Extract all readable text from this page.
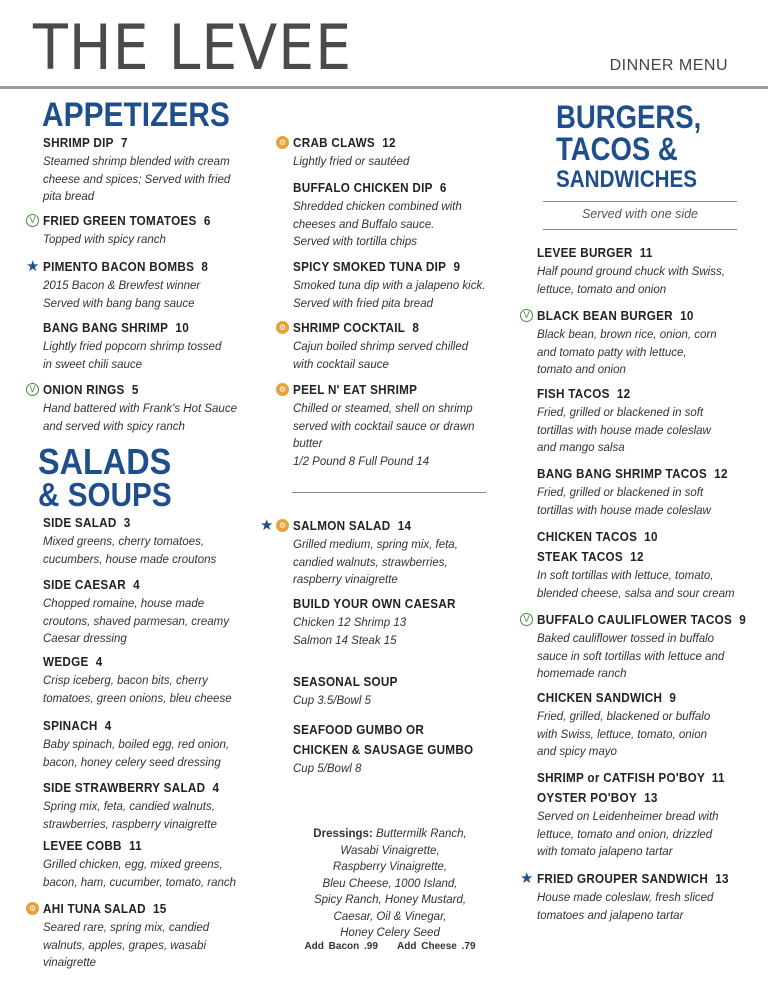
THE LEVEE	DINNER MENU
APPETIZERS
SALADS
& SOUPS
BURGERS,
TACOS &
SANDWICHES
Served with one side
SHRIMP DIP 7
Steamed shrimp blended with cream
cheese and spices; Served with fried
pita bread
V FRIED GREEN TOMATOES 6
Topped with spicy ranch
★ PIMENTO BACON BOMBS 8
2015 Bacon & Brewfest winner
Served with bang bang sauce
BANG BANG SHRIMP 10
Lightly fried popcorn shrimp tossed
in sweet chili sauce
V ONION RINGS 5
Hand battered with Frank's Hot Sauce
and served with spicy ranch
SIDE SALAD 3
Mixed greens, cherry tomatoes,
cucumbers, house made croutons
SIDE CAESAR 4
Chopped romaine, house made
croutons, shaved parmesan, creamy
Caesar dressing
WEDGE 4
Crisp iceberg, bacon bits, cherry
tomatoes, green onions, bleu cheese
SPINACH 4
Baby spinach, boiled egg, red onion,
bacon, honey celery seed dressing
SIDE STRAWBERRY SALAD 4
Spring mix, feta, candied walnuts,
strawberries, raspberry vinaigrette
LEVEE COBB 11
Grilled chicken, egg, mixed greens,
bacon, ham, cucumber, tomato, ranch
⚙ AHI TUNA SALAD 15
Seared rare, spring mix, candied
walnuts, apples, grapes, wasabi
vinaigrette
⚙ CRAB CLAWS 12
Lightly fried or sautéed
BUFFALO CHICKEN DIP 6
Shredded chicken combined with
cheeses and Buffalo sauce.
Served with tortilla chips
SPICY SMOKED TUNA DIP 9
Smoked tuna dip with a jalapeno kick.
Served with fried pita bread
⚙ SHRIMP COCKTAIL 8
Cajun boiled shrimp served chilled
with cocktail sauce
⚙ PEEL N' EAT SHRIMP
Chilled or steamed, shell on shrimp
served with cocktail sauce or drawn
butter
1/2 Pound 8 Full Pound 14
⚙
★ SALMON SALAD 14
Grilled medium, spring mix, feta,
candied walnuts, strawberries,
raspberry vinaigrette
BUILD YOUR OWN CAESAR
Chicken 12 Shrimp 13
Salmon 14 Steak 15
SEASONAL SOUP
Cup 3.5/Bowl 5
SEAFOOD GUMBO OR
CHICKEN & SAUSAGE GUMBO
Cup 5/Bowl 8
LEVEE BURGER 11
Half pound ground chuck with Swiss,
lettuce, tomato and onion
V BLACK BEAN BURGER 10
Black bean, brown rice, onion, corn
and tomato patty with lettuce,
tomato and onion
FISH TACOS 12
Fried, grilled or blackened in soft
tortillas with house made coleslaw
and mango salsa
BANG BANG SHRIMP TACOS 12
Fried, grilled or blackened in soft
tortillas with house made coleslaw
CHICKEN TACOS  10
STEAK TACOS 12
In soft tortillas with lettuce, tomato,
blended cheese, salsa and sour cream
V BUFFALO CAULIFLOWER TACOS 9
Baked cauliflower tossed in buffalo
sauce in soft tortillas with lettuce and
homemade ranch
CHICKEN SANDWICH 9
Fried, grilled, blackened or buffalo
with Swiss, lettuce, tomato, onion
and spicy mayo
SHRIMP or CATFISH PO'BOY  11
OYSTER PO'BOY 13
Served on Leidenheimer bread with
lettuce, tomato and onion, drizzled
with tomato jalapeno tartar
★ FRIED GROUPER SANDWICH 13
House made coleslaw, fresh sliced
tomatoes and jalapeno tartar
Dressings: Buttermilk Ranch,
Wasabi Vinaigrette,
Raspberry Vinaigrette,
Bleu Cheese, 1000 Island,
Spicy Ranch, Honey Mustard,
Caesar, Oil & Vinegar,
Honey Celery Seed
Add Bacon .99 Add Cheese .79
